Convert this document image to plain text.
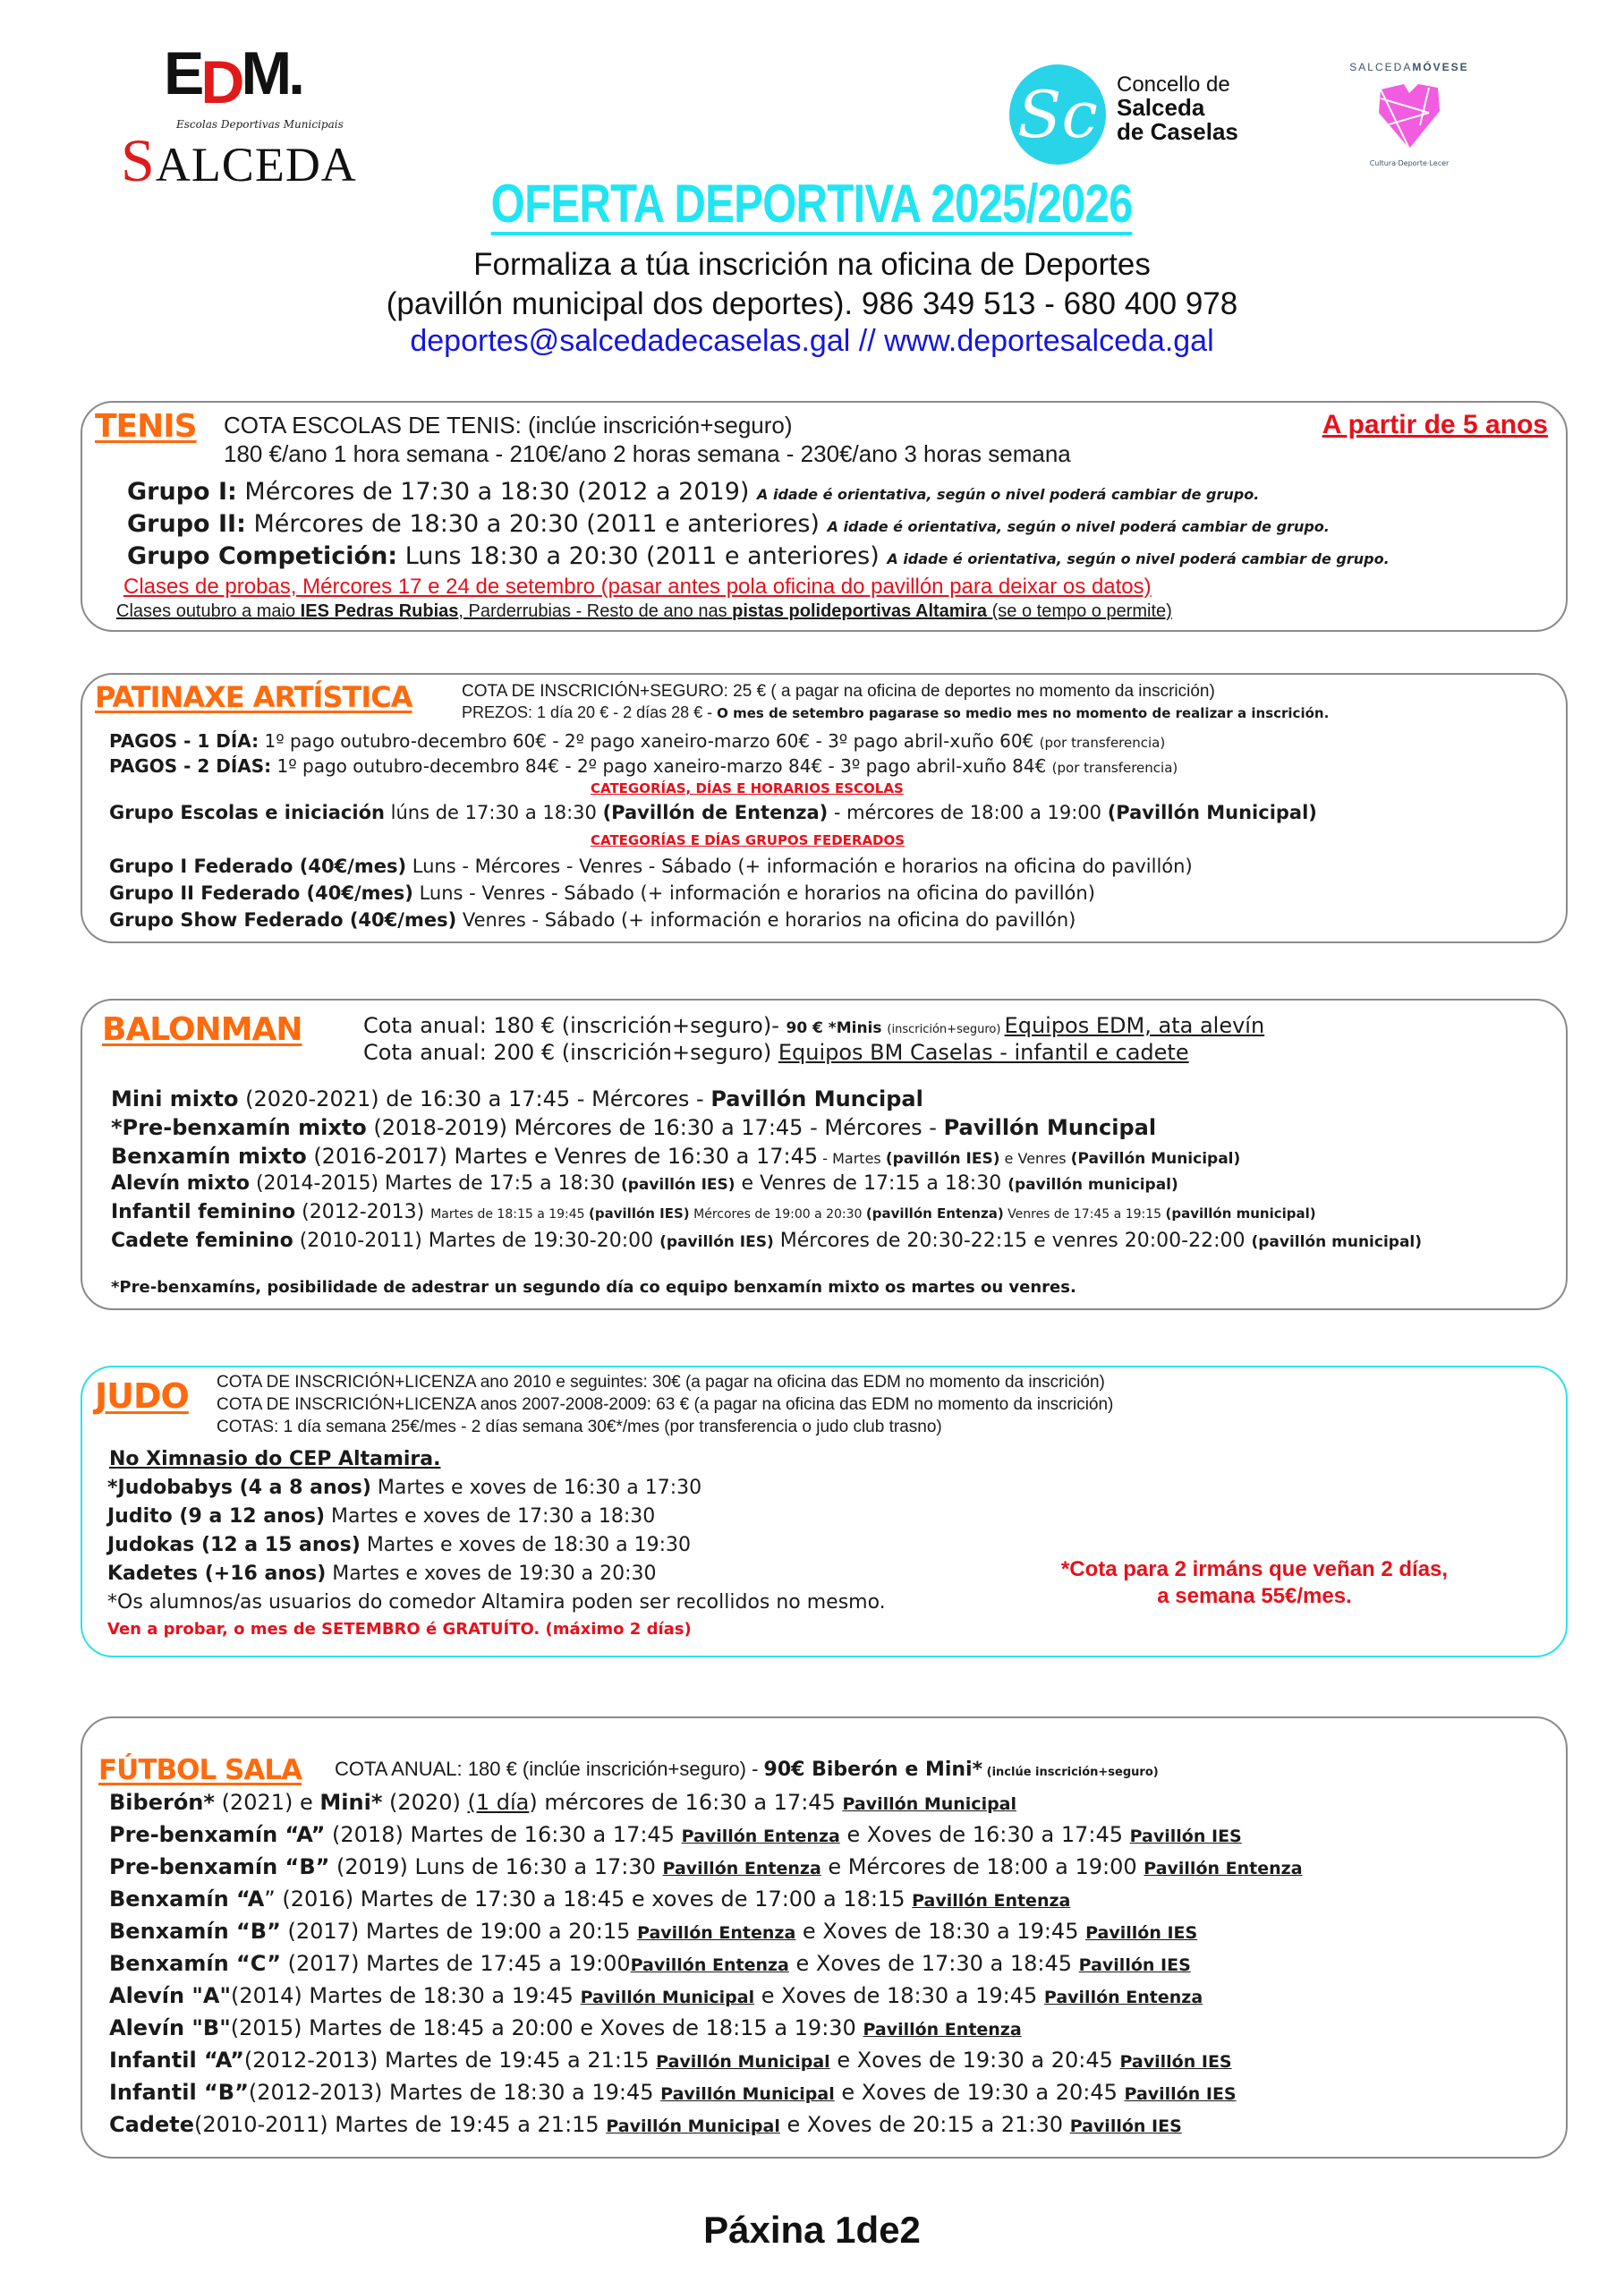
EDM.
Escolas Deportivas Municipais
SALCEDA
Sc Concello de
Salceda
de Caselas
SALCEDAMÓVESE
Cultura·Deporte·Lecer
OFERTA DEPORTIVA 2025/2026
Formaliza a túa inscrición na oficina de Deportes
(pavillón municipal dos deportes). 986 349 513 - 680 400 978
deportes@salcedadecaselas.gal // www.deportesalceda.gal
TENIS COTA ESCOLAS DE TENIS: (inclúe inscrición+seguro)
180 €/ano 1 hora semana - 210€/ano 2 horas semana - 230€/ano 3 horas semana
A partir de 5 anos
Grupo I: Mércores de 17:30 a 18:30 (2012 a 2019) A idade é orientativa, según o nivel poderá cambiar de grupo.
Grupo II: Mércores de 18:30 a 20:30 (2011 e anteriores) A idade é orientativa, según o nivel poderá cambiar de grupo.
Grupo Competición: Luns 18:30 a 20:30 (2011 e anteriores) A idade é orientativa, según o nivel poderá cambiar de grupo.
Clases de probas, Mércores 17 e 24 de setembro (pasar antes pola oficina do pavillón para deixar os datos)
Clases outubro a maio IES Pedras Rubias, Parderrubias - Resto de ano nas pistas polideportivas Altamira (se o tempo o permite)
PATINAXE ARTÍSTICA	COTA DE INSCRICIÓN+SEGURO: 25 € ( a pagar na oficina de deportes no momento da inscrición)
PREZOS: 1 día 20 € - 2 días 28 € - O mes de setembro pagarase so medio mes no momento de realizar a inscrición.
PAGOS - 1 DÍA: 1º pago outubro-decembro 60€ - 2º pago xaneiro-marzo 60€ - 3º pago abril-xuño 60€ (por transferencia)
PAGOS - 2 DÍAS: 1º pago outubro-decembro 84€ - 2º pago xaneiro-marzo 84€ - 3º pago abril-xuño 84€ (por transferencia)
CATEGORÍAS, DÍAS E HORARIOS ESCOLAS
Grupo Escolas e iniciación lúns de 17:30 a 18:30 (Pavillón de Entenza) - mércores de 18:00 a 19:00 (Pavillón Municipal)
CATEGORÍAS E DÍAS GRUPOS FEDERADOS
Grupo I Federado (40€/mes) Luns - Mércores - Venres - Sábado (+ información e horarios na oficina do pavillón)
Grupo II Federado (40€/mes) Luns - Venres - Sábado (+ información e horarios na oficina do pavillón)
Grupo Show Federado (40€/mes) Venres - Sábado (+ información e horarios na oficina do pavillón)
BALONMAN	Cota anual: 180 € (inscrición+seguro)- 90 € *Minis (inscrición+seguro) Equipos EDM, ata alevín
Cota anual: 200 € (inscrición+seguro) Equipos BM Caselas - infantil e cadete
Mini mixto (2020-2021) de 16:30 a 17:45 - Mércores - Pavillón Muncipal
*Pre-benxamín mixto (2018-2019) Mércores de 16:30 a 17:45 - Mércores - Pavillón Muncipal
Benxamín mixto (2016-2017) Martes e Venres de 16:30 a 17:45 - Martes (pavillón IES) e Venres (Pavillón Municipal)
Alevín mixto (2014-2015) Martes de 17:5 a 18:30 (pavillón IES) e Venres de 17:15 a 18:30 (pavillón municipal)
Infantil feminino (2012-2013) Martes de 18:15 a 19:45 (pavillón IES) Mércores de 19:00 a 20:30 (pavillón Entenza) Venres de 17:45 a 19:15 (pavillón municipal)
Cadete feminino (2010-2011) Martes de 19:30-20:00 (pavillón IES) Mércores de 20:30-22:15 e venres 20:00-22:00 (pavillón municipal)
*Pre-benxamíns, posibilidade de adestrar un segundo día co equipo benxamín mixto os martes ou venres.
JUDO COTA DE INSCRICIÓN+LICENZA ano 2010 e seguintes: 30€ (a pagar na oficina das EDM no momento da inscrición)
COTA DE INSCRICIÓN+LICENZA anos 2007-2008-2009: 63 € (a pagar na oficina das EDM no momento da inscrición)
COTAS: 1 día semana 25€/mes - 2 días semana 30€*/mes (por transferencia o judo club trasno)
No Ximnasio do CEP Altamira.
*Judobabys (4 a 8 anos) Martes e xoves de 16:30 a 17:30
Judito (9 a 12 anos) Martes e xoves de 17:30 a 18:30
Judokas (12 a 15 anos) Martes e xoves de 18:30 a 19:30
Kadetes (+16 anos) Martes e xoves de 19:30 a 20:30
*Os alumnos/as usuarios do comedor Altamira poden ser recollidos no mesmo.
Ven a probar, o mes de SETEMBRO é GRATUÍTO. (máximo 2 días)
*Cota para 2 irmáns que veñan 2 días,
a semana 55€/mes.
FÚTBOL SALA COTA ANUAL: 180 € (inclúe inscrición+seguro) - 90€ Biberón e Mini* (inclúe inscrición+seguro)
Biberón* (2021) e Mini* (2020) (1 día) mércores de 16:30 a 17:45 Pavillón Municipal
Pre-benxamín “A” (2018) Martes de 16:30 a 17:45 Pavillón Entenza e Xoves de 16:30 a 17:45 Pavillón IES
Pre-benxamín “B” (2019) Luns de 16:30 a 17:30 Pavillón Entenza e Mércores de 18:00 a 19:00 Pavillón Entenza
Benxamín “A” (2016) Martes de 17:30 a 18:45 e xoves de 17:00 a 18:15 Pavillón Entenza
Benxamín “B” (2017) Martes de 19:00 a 20:15 Pavillón Entenza e Xoves de 18:30 a 19:45 Pavillón IES
Benxamín “C” (2017) Martes de 17:45 a 19:00Pavillón Entenza e Xoves de 17:30 a 18:45 Pavillón IES
Alevín "A"(2014) Martes de 18:30 a 19:45 Pavillón Municipal e Xoves de 18:30 a 19:45 Pavillón Entenza
Alevín "B"(2015) Martes de 18:45 a 20:00 e Xoves de 18:15 a 19:30 Pavillón Entenza
Infantil “A”(2012-2013) Martes de 19:45 a 21:15 Pavillón Municipal e Xoves de 19:30 a 20:45 Pavillón IES
Infantil “B”(2012-2013) Martes de 18:30 a 19:45 Pavillón Municipal e Xoves de 19:30 a 20:45 Pavillón IES
Cadete(2010-2011) Martes de 19:45 a 21:15 Pavillón Municipal e Xoves de 20:15 a 21:30 Pavillón IES
Páxina 1de2
